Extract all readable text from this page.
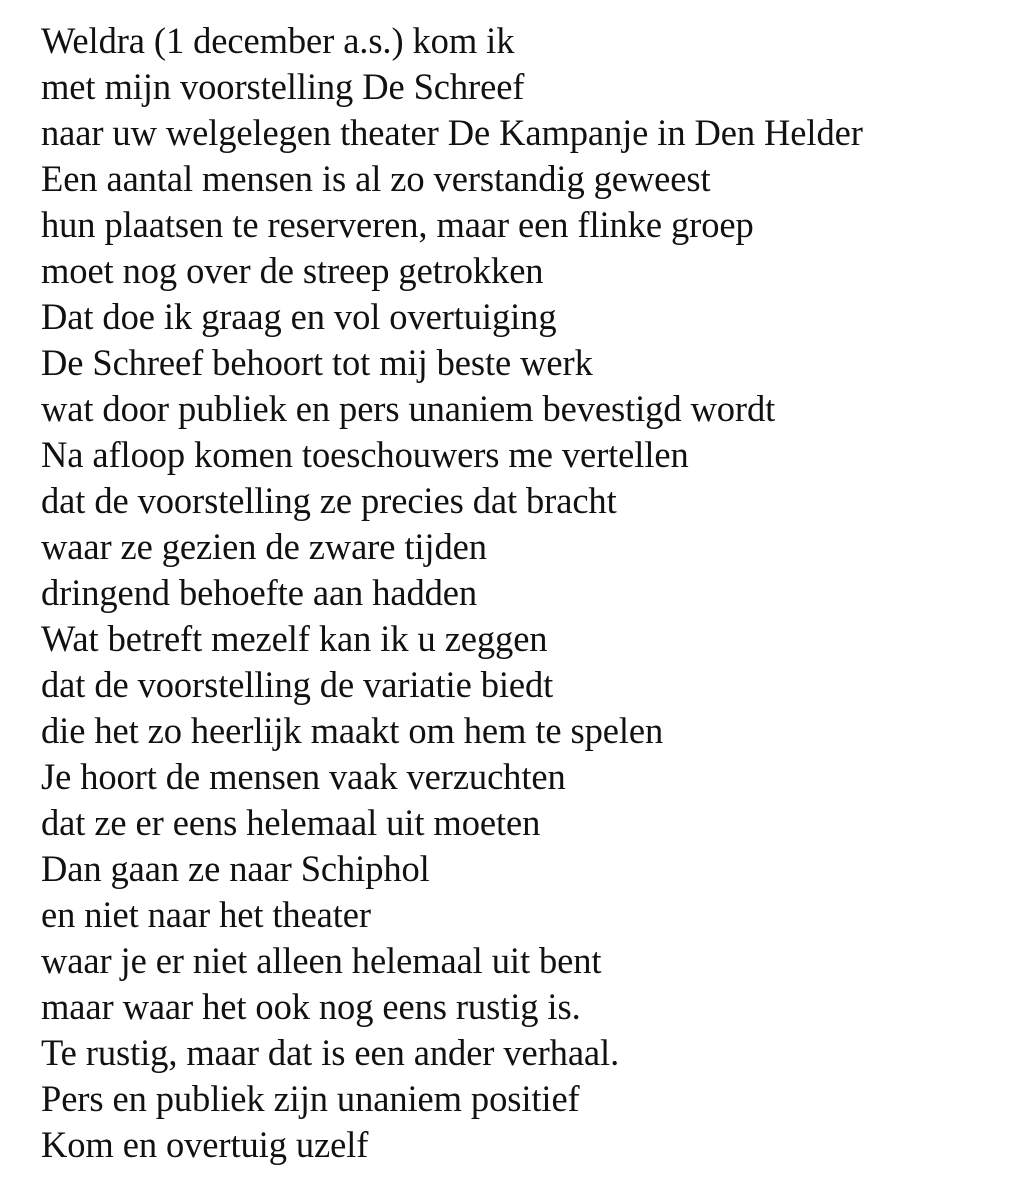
Weldra (1 december a.s.) kom ik
met mijn voorstelling De Schreef
naar uw welgelegen theater De Kampanje in Den Helder
Een aantal mensen is al zo verstandig geweest
hun plaatsen te reserveren, maar een flinke groep
moet nog over de streep getrokken
Dat doe ik graag en vol overtuiging
De Schreef behoort tot mij beste werk
wat door publiek en pers unaniem bevestigd wordt
Na afloop komen toeschouwers me vertellen
dat de voorstelling ze precies dat bracht
waar ze gezien de zware tijden
dringend behoefte aan hadden
Wat betreft mezelf kan ik u zeggen
dat de voorstelling de variatie biedt
die het zo heerlijk maakt om hem te spelen
Je hoort de mensen vaak verzuchten
dat ze er eens helemaal uit moeten
Dan gaan ze naar Schiphol
en niet naar het theater
waar je er niet alleen helemaal uit bent
maar waar het ook nog eens rustig is.
Te rustig, maar dat is een ander verhaal.
Pers en publiek zijn unaniem positief
Kom en overtuig uzelf
